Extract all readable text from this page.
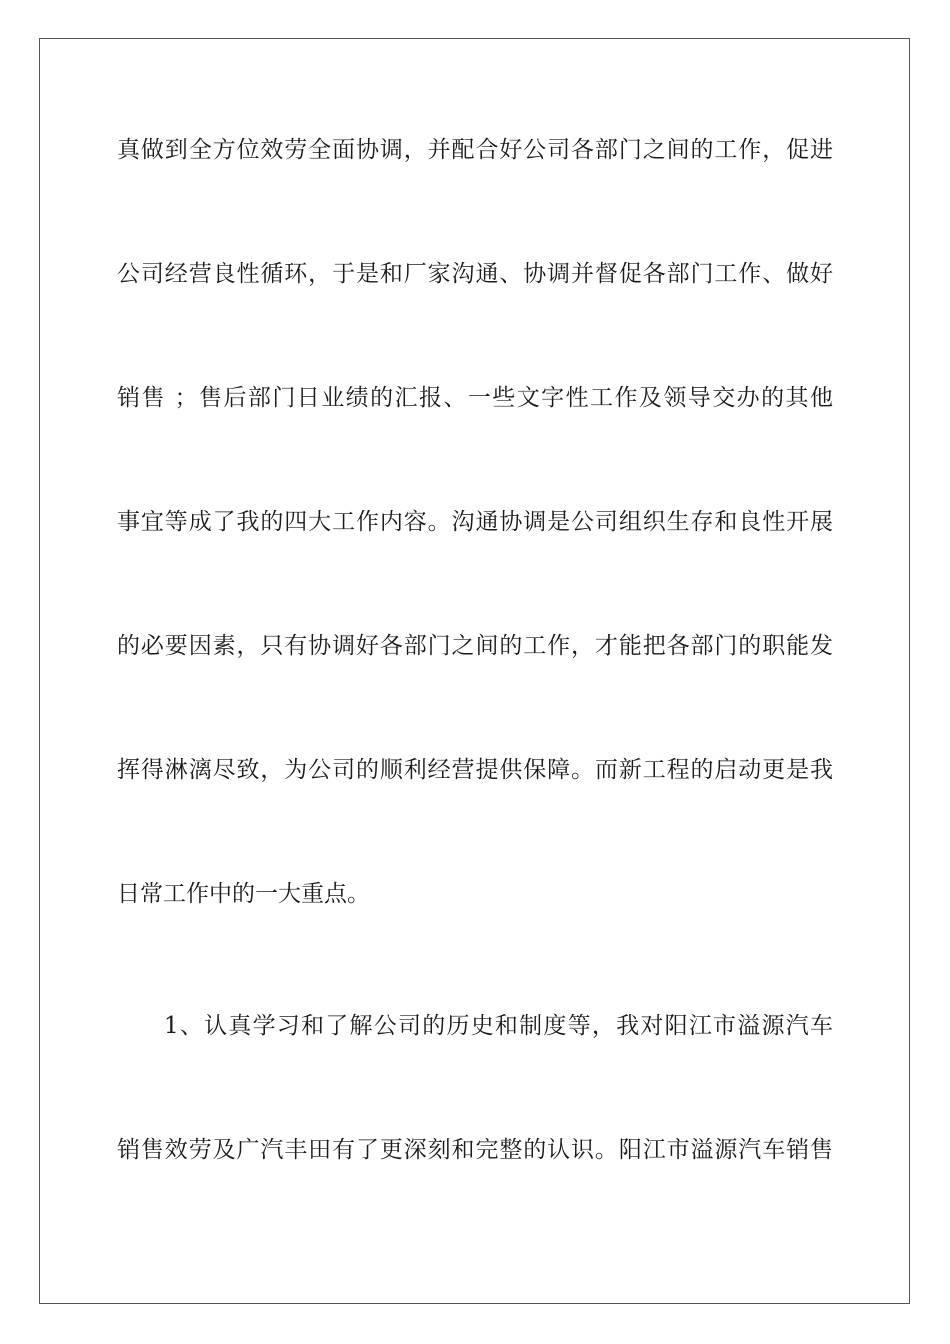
真做到全方位效劳全面协调，并配合好公司各部门之间的工作，促进
公司经营良性循环，于是和厂家沟通、协调并督促各部门工作、做好
销售 ；售后部门日业绩的汇报、一些文字性工作及领导交办的其他
事宜等成了我的四大工作内容。沟通协调是公司组织生存和良性开展
的必要因素，只有协调好各部门之间的工作，才能把各部门的职能发
挥得淋漓尽致，为公司的顺利经营提供保障。而新工程的启动更是我
日常工作中的一大重点。
1、认真学习和了解公司的历史和制度等，我对阳江市溢源汽车
销售效劳及广汽丰田有了更深刻和完整的认识。阳江市溢源汽车销售
